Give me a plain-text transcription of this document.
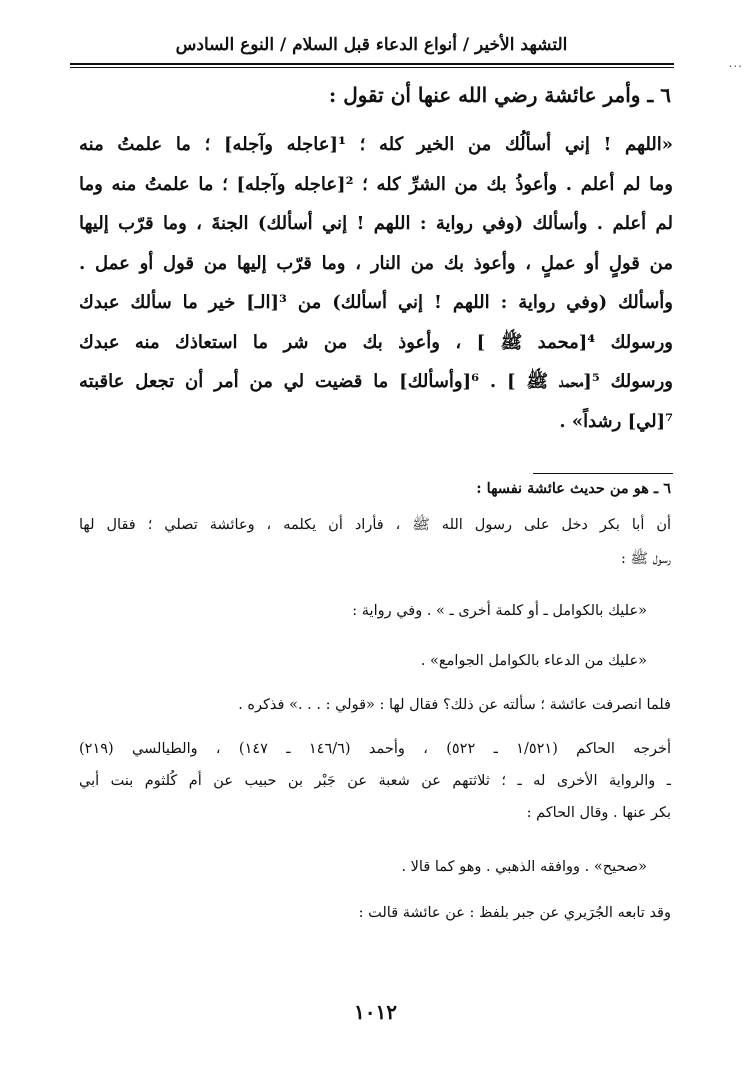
التشهد الأخير / أنواع الدعاء قبل السلام / النوع السادس
...
٦ ـ وأمر عائشة رضي الله عنها أن تقول :
«اللهم ! إني أسألُك من الخير كله ؛ ¹[عاجله وآجله] ؛ ما علمتُ منه
وما لم أعلم . وأعوذُ بك من الشرِّ كله ؛ ²[عاجله وآجله] ؛ ما علمتُ منه وما
لم أعلم . وأسألك (وفي رواية : اللهم ! إني أسألك) الجنةَ ، وما قرّب إليها
من قولٍ أو عملٍ ، وأعوذ بك من النار ، وما قرّب إليها من قول أو عمل .
وأسألك (وفي رواية : اللهم ! إني أسألك) من ³[الـ] خير ما سألك عبدك
ورسولك ⁴[محمد ﷺ ] ، وأعوذ بك من شر ما استعاذك منه عبدك
ورسولك ⁵[محمد ﷺ ] . ⁶[وأسألك] ما قضيت لي من أمر أن تجعل عاقبته
⁷[لي] رشداً» .
٦ ـ هو من حديث عائشة نفسها :
أن أبا بكر دخل على رسول الله ﷺ ، فأراد أن يكلمه ، وعائشة تصلي ؛ فقال لها
رسول ﷺ :
«عليك بالكوامل ـ أو كلمة أخرى ـ » . وفي رواية :
«عليك من الدعاء بالكوامل الجوامع» .
فلما انصرفت عائشة ؛ سألته عن ذلك؟ فقال لها : «قولي : . . .» فذكره .
أخرجه الحاكم (١/٥٢١ ـ ٥٢٢) ، وأحمد (١٤٦/٦ ـ ١٤٧) ، والطيالسي (٢١٩)
ـ والرواية الأخرى له ـ ؛ ثلاثتهم عن شعبة عن جَبْر بن حبيب عن أم كُلثوم بنت أبي
بكر عنها . وقال الحاكم :
«صحيح» . ووافقه الذهبي . وهو كما قالا .
وقد تابعه الجُرَيري عن جبر بلفظ : عن عائشة قالت :
١٠١٢
